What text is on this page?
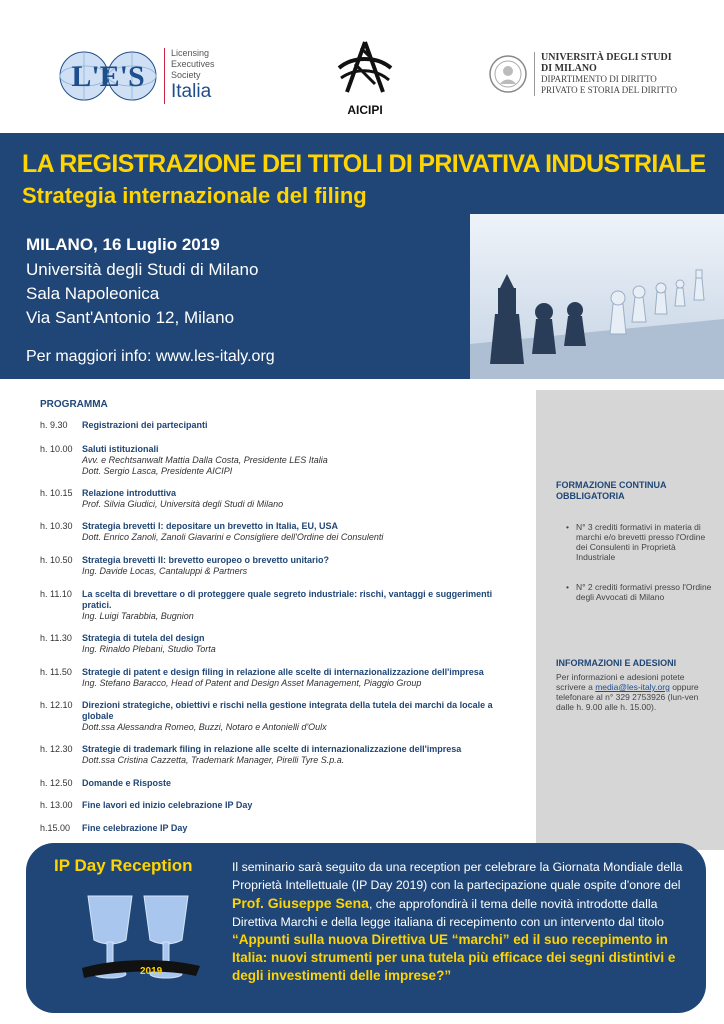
L'E'S
Licensing
Executives
Society
Italia
AICIPI
UNIVERSITÀ DEGLI STUDI
DI MILANO
DIPARTIMENTO DI DIRITTO
PRIVATO E STORIA DEL DIRITTO
LA REGISTRAZIONE DEI TITOLI DI PRIVATIVA INDUSTRIALE
Strategia internazionale del filing
MILANO, 16 Luglio 2019
Università degli Studi di Milano
Sala Napoleonica
Via Sant'Antonio 12, Milano
Per maggiori info: www.les-italy.org
PROGRAMMA
h. 9.30 Registrazioni dei partecipanti
h. 10.00 Saluti istituzionali
Avv. e Rechtsanwalt Mattia Dalla Costa, Presidente LES Italia
Dott. Sergio Lasca, Presidente AICIPI
h. 10.15 Relazione introduttiva
Prof. Silvia Giudici, Università degli Studi di Milano
h. 10.30 Strategia brevetti I: depositare un brevetto in Italia, EU, USA
Dott. Enrico Zanoli, Zanoli Giavarini e Consigliere dell'Ordine dei Consulenti
h. 10.50 Strategia brevetti II: brevetto europeo o brevetto unitario?
Ing. Davide Locas, Cantaluppi & Partners
h. 11.10 La scelta di brevettare o di proteggere quale segreto industriale: rischi, vantaggi e suggerimenti pratici.
Ing. Luigi Tarabbia, Bugnion
h. 11.30 Strategia di tutela del design
Ing. Rinaldo Plebani, Studio Torta
h. 11.50 Strategie di patent e design filing in relazione alle scelte di internazionalizzazione dell'impresa
Ing. Stefano Baracco, Head of Patent and Design Asset Management, Piaggio Group
h. 12.10 Direzioni strategiche, obiettivi e rischi nella gestione integrata della tutela dei marchi da locale a globale
Dott.ssa Alessandra Romeo, Buzzi, Notaro e Antonielli d'Oulx
h. 12.30 Strategie di trademark filing in relazione alle scelte di internazionalizzazione dell'impresa
Dott.ssa Cristina Cazzetta, Trademark Manager, Pirelli Tyre S.p.a.
h. 12.50 Domande e Risposte
h. 13.00 Fine lavori ed inizio celebrazione IP Day
h.15.00 Fine celebrazione IP Day
FORMAZIONE CONTINUA OBBLIGATORIA
• N° 3 crediti formativi in materia di marchi e/o brevetti presso l'Ordine dei Consulenti in Proprietà Industriale
• N° 2 crediti formativi presso l'Ordine degli Avvocati di Milano
INFORMAZIONI E ADESIONI
Per informazioni e adesioni potete scrivere a media@les-italy.org oppure telefonare al n° 329 2753926 (lun-ven dalle h. 9.00 alle h. 15.00).
IP Day Reception
2019
Il seminario sarà seguito da una reception per celebrare la Giornata Mondiale della Proprietà Intellettuale (IP Day 2019) con la partecipazione quale ospite d'onore del Prof. Giuseppe Sena, che approfondirà il tema delle novità introdotte dalla Direttiva Marchi e della legge italiana di recepimento con un intervento dal titolo “Appunti sulla nuova Direttiva UE “marchi” ed il suo recepimento in Italia: nuovi strumenti per una tutela più efficace dei segni distintivi e degli investimenti delle imprese?”
